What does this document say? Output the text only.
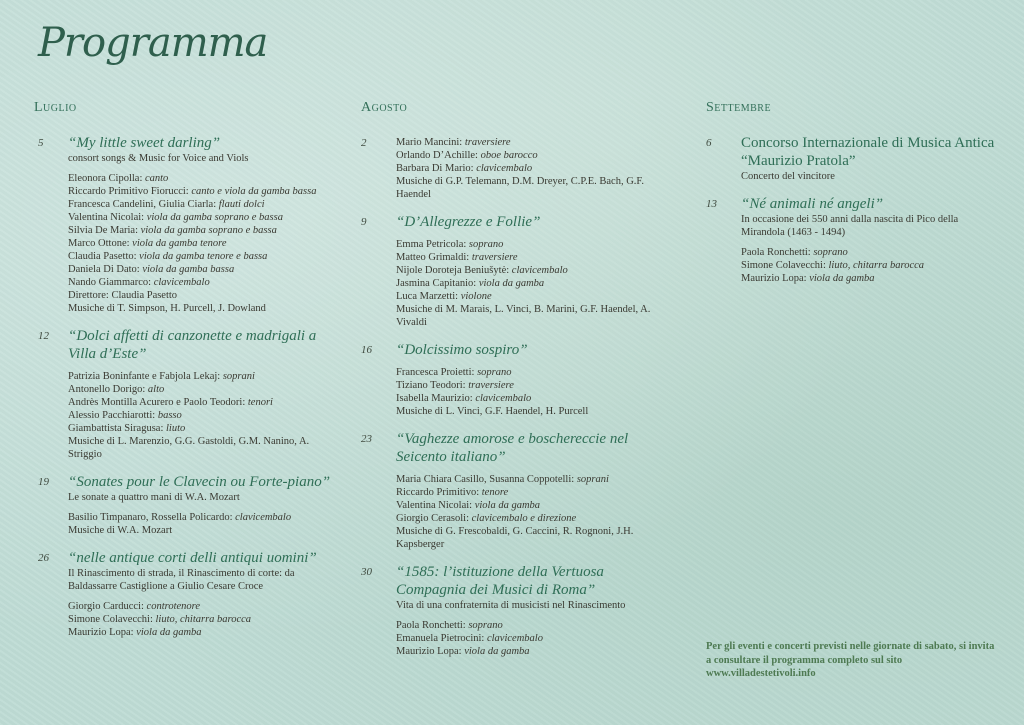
Programma
Luglio
5	“My little sweet darling”
consort songs & Music for Voice and Viols
Eleonora Cipolla: canto
Riccardo Primitivo Fiorucci: canto e viola da gamba bassa
Francesca Candelini, Giulia Ciarla: flauti dolci
Valentina Nicolai: viola da gamba soprano e bassa
Silvia De Maria: viola da gamba soprano e bassa
Marco Ottone: viola da gamba tenore
Claudia Pasetto: viola da gamba tenore e bassa
Daniela Di Dato: viola da gamba bassa
Nando Giammarco: clavicembalo
Direttore: Claudia Pasetto
Musiche di T. Simpson, H. Purcell, J. Dowland
12	“Dolci affetti di canzonette e madrigali a Villa d’Este”
Patrizia Boninfante e Fabjola Lekaj: soprani
Antonello Dorigo: alto
Andrès Montilla Acurero e Paolo Teodori: tenori
Alessio Pacchiarotti: basso
Giambattista Siragusa: liuto
Musiche di L. Marenzio, G.G. Gastoldi, G.M. Nanino, A. Striggio
19	“Sonates pour le Clavecin ou Forte-piano”
Le sonate a quattro mani di W.A. Mozart
Basilio Timpanaro, Rossella Policardo: clavicembalo
Musiche di W.A. Mozart
26	“nelle antique corti delli antiqui uomini”
Il Rinascimento di strada, il Rinascimento di corte: da Baldassarre Castiglione a Giulio Cesare Croce
Giorgio Carducci: controtenore
Simone Colavecchi: liuto, chitarra barocca
Maurizio Lopa: viola da gamba
Agosto
2	Mario Mancini: traversiere
Orlando D’Achille: oboe barocco
Barbara Di Mario: clavicembalo
Musiche di G.P. Telemann, D.M. Dreyer, C.P.E. Bach, G.F. Haendel
9	“D’Allegrezze e Follie”
Emma Petricola: soprano
Matteo Grimaldi: traversiere
Nijole Doroteja Beniušytė: clavicembalo
Jasmina Capitanio: viola da gamba
Luca Marzetti: violone
Musiche di M. Marais, L. Vinci, B. Marini, G.F. Haendel, A. Vivaldi
16	“Dolcissimo sospiro”
Francesca Proietti: soprano
Tiziano Teodori: traversiere
Isabella Maurizio: clavicembalo
Musiche di L. Vinci, G.F. Haendel, H. Purcell
23	“Vaghezze amorose e boschereccie nel Seicento italiano”
Maria Chiara Casillo, Susanna Coppotelli: soprani
Riccardo Primitivo: tenore
Valentina Nicolai: viola da gamba
Giorgio Cerasoli: clavicembalo e direzione
Musiche di G. Frescobaldi, G. Caccini, R. Rognoni, J.H. Kapsberger
30	“1585: l’istituzione della Vertuosa Compagnia dei Musici di Roma”
Vita di una confraternita di musicisti nel Rinascimento
Paola Ronchetti: soprano
Emanuela Pietrocini: clavicembalo
Maurizio Lopa: viola da gamba
Settembre
6	Concorso Internazionale di Musica Antica “Maurizio Pratola”
Concerto del vincitore
13	“Né animali né angeli”
In occasione dei 550 anni dalla nascita di Pico della Mirandola (1463 - 1494)
Paola Ronchetti: soprano
Simone Colavecchi: liuto, chitarra barocca
Maurizio Lopa: viola da gamba
Per gli eventi e concerti previsti nelle giornate di sabato, si invita a consultare il programma completo sul sito www.villadestetivoli.info
